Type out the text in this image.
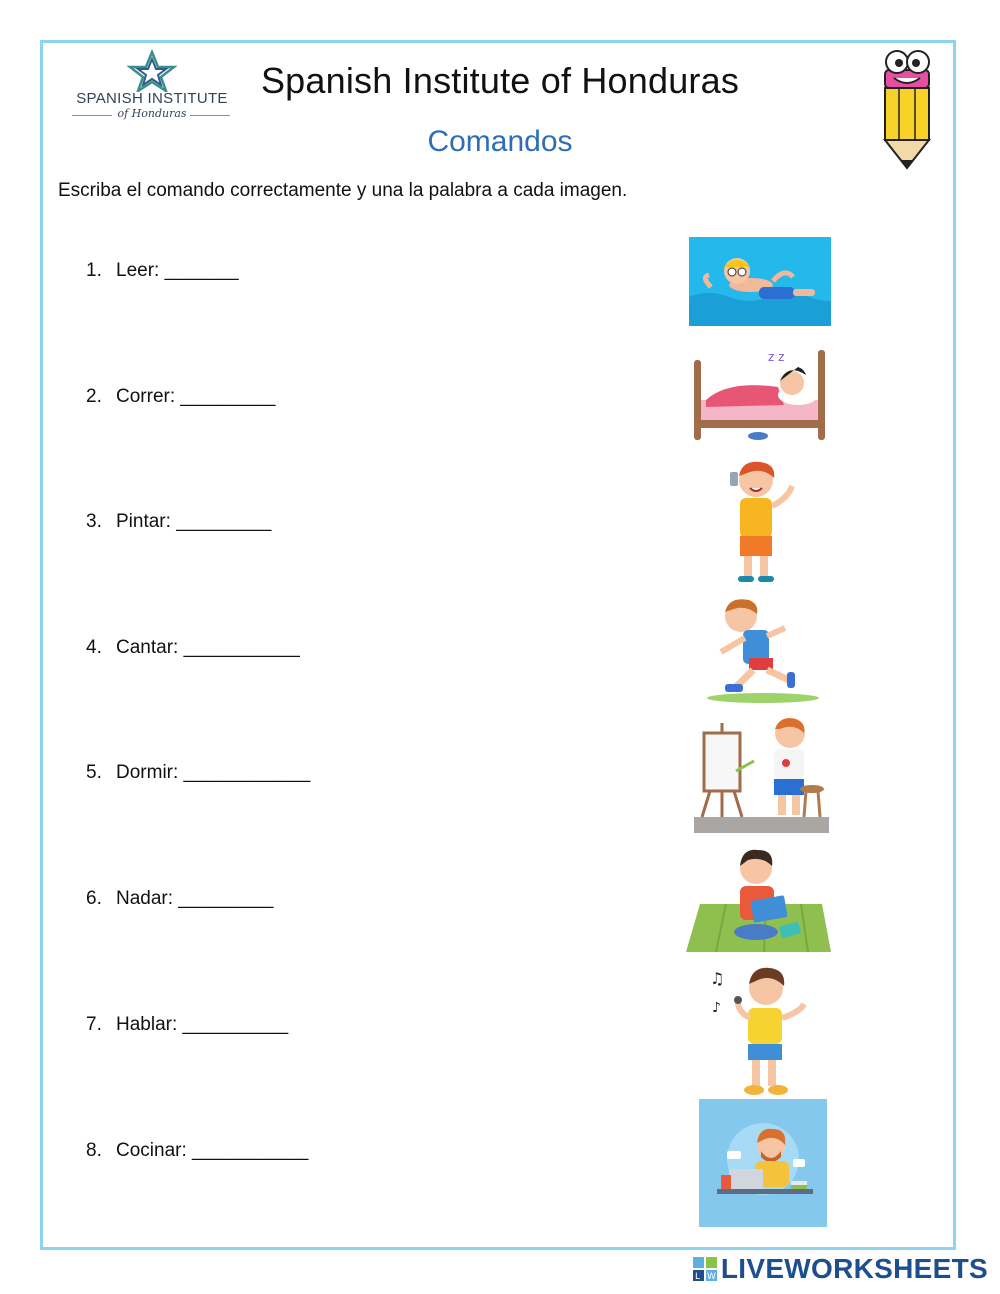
SPANISH INSTITUTE
of Honduras
Spanish Institute of Honduras
Comandos
Escriba el comando correctamente y una la palabra a cada imagen.
1. Leer: _______
2. Correr: _________
3. Pintar: _________
4. Cantar: ___________
5. Dormir: ____________
6. Nadar: _________
7. Hablar: __________
8. Cocinar: ___________
z z
♫
♪
L W LIVEWORKSHEETS
